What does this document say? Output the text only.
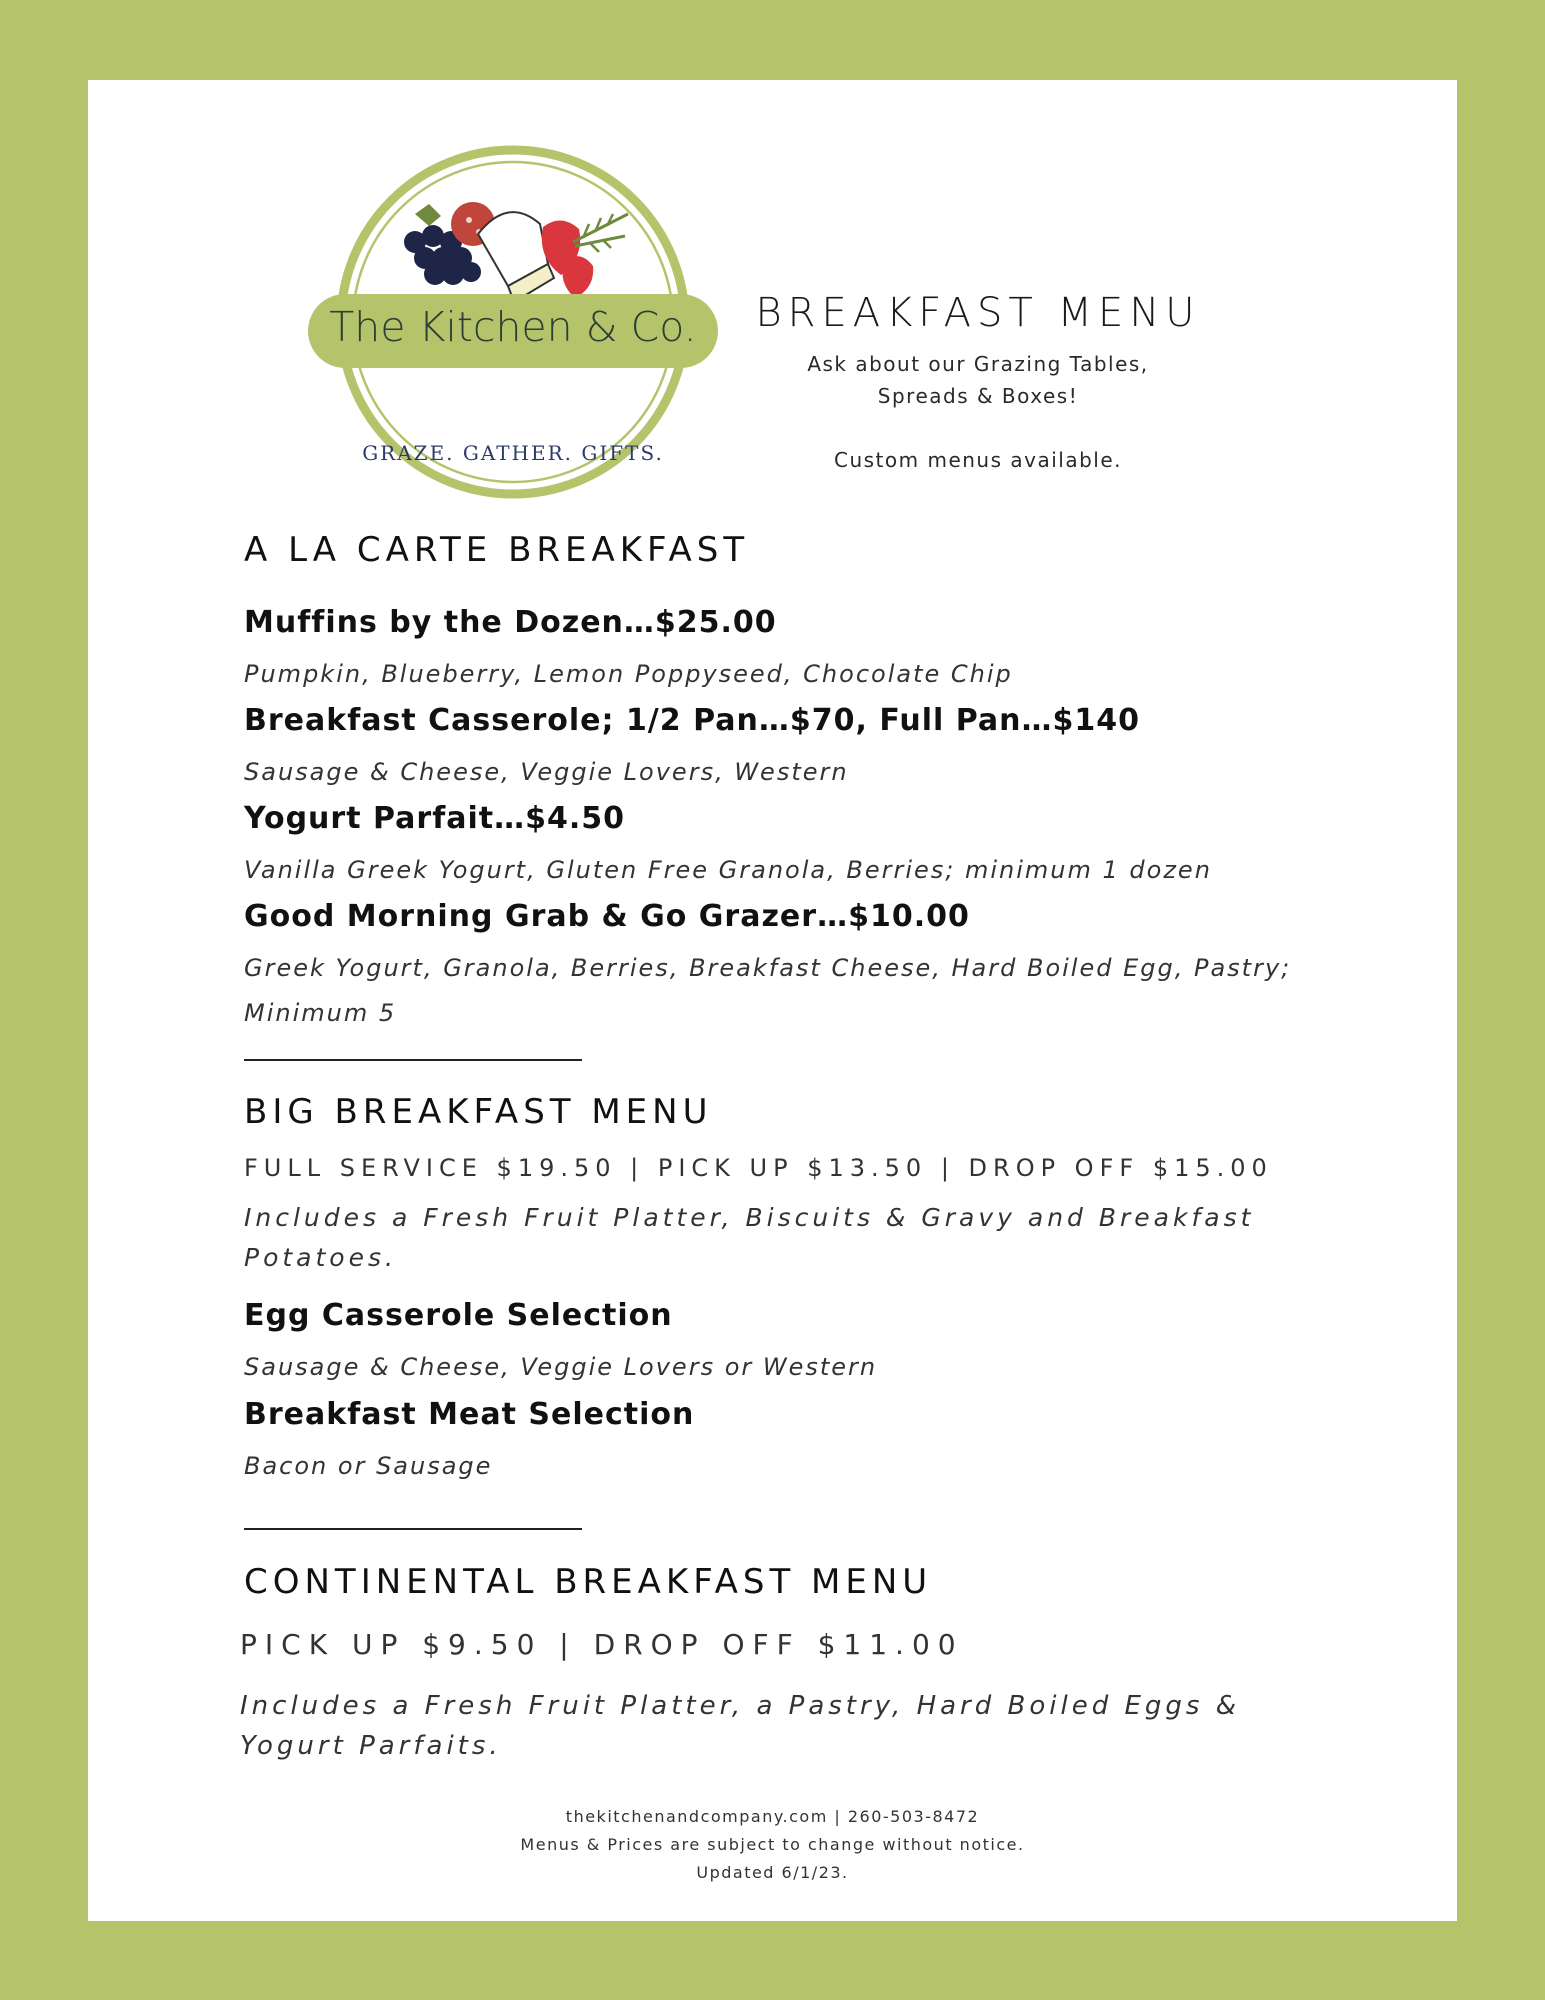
The Kitchen & Co.
GRAZE. GATHER. GIFTS.
BREAKFAST MENU
Ask about our Grazing Tables,
Spreads & Boxes!
Custom menus available.
A LA CARTE BREAKFAST
Muffins by the Dozen…$25.00
Pumpkin, Blueberry, Lemon Poppyseed, Chocolate Chip
Breakfast Casserole; 1/2 Pan…$70, Full Pan…$140
Sausage & Cheese, Veggie Lovers, Western
Yogurt Parfait…$4.50
Vanilla Greek Yogurt, Gluten Free Granola, Berries; minimum 1 dozen
Good Morning Grab & Go Grazer…$10.00
Greek Yogurt, Granola, Berries, Breakfast Cheese, Hard Boiled Egg, Pastry; Minimum 5
BIG BREAKFAST MENU
FULL SERVICE $19.50 | PICK UP $13.50 | DROP OFF $15.00
Includes a Fresh Fruit Platter, Biscuits & Gravy and Breakfast Potatoes.
Egg Casserole Selection
Sausage & Cheese, Veggie Lovers or Western
Breakfast Meat Selection
Bacon or Sausage
CONTINENTAL BREAKFAST MENU
PICK UP $9.50 | DROP OFF $11.00
Includes a Fresh Fruit Platter, a Pastry, Hard Boiled Eggs & Yogurt Parfaits.
thekitchenandcompany.com | 260-503-8472
Menus & Prices are subject to change without notice.
Updated 6/1/23.
